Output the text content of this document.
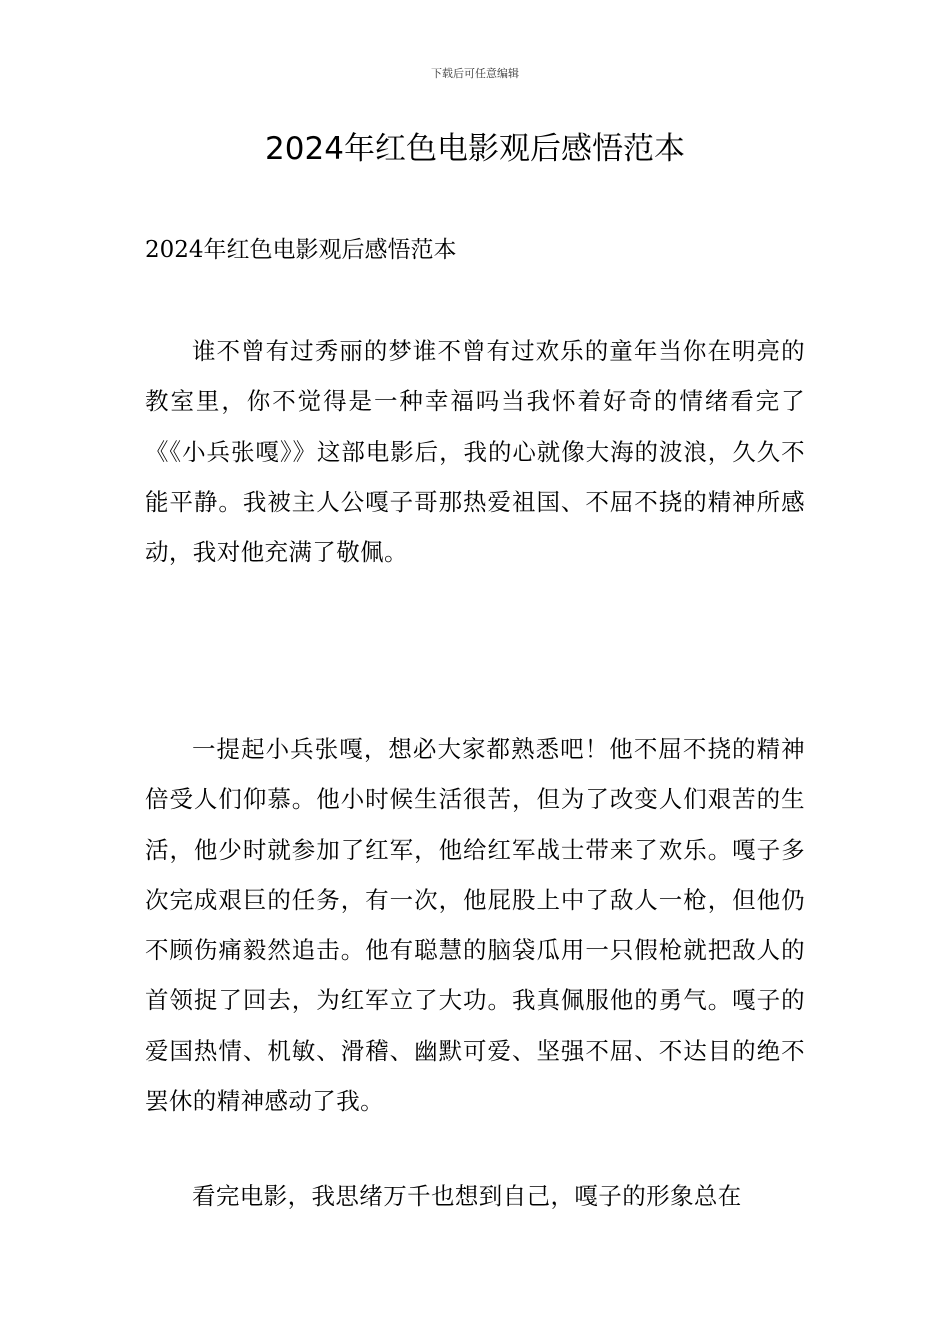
下载后可任意编辑
2024年红色电影观后感悟范本

2024年红色电影观后感悟范本

谁不曾有过秀丽的梦谁不曾有过欢乐的童年当你在明亮的教室里，你不觉得是一种幸福吗当我怀着好奇的情绪看完了《《小兵张嘎》》这部电影后，我的心就像大海的波浪，久久不能平静。我被主人公嘎子哥那热爱祖国、不屈不挠的精神所感动，我对他充满了敬佩。

一提起小兵张嘎，想必大家都熟悉吧！他不屈不挠的精神倍受人们仰慕。他小时候生活很苦，但为了改变人们艰苦的生活，他少时就参加了红军，他给红军战士带来了欢乐。嘎子多次完成艰巨的任务，有一次，他屁股上中了敌人一枪，但他仍不顾伤痛毅然追击。他有聪慧的脑袋瓜用一只假枪就把敌人的首领捉了回去，为红军立了大功。我真佩服他的勇气。嘎子的爱国热情、机敏、滑稽、幽默可爱、坚强不屈、不达目的绝不罢休的精神感动了我。

看完电影，我思绪万千也想到自己，嘎子的形象总在
